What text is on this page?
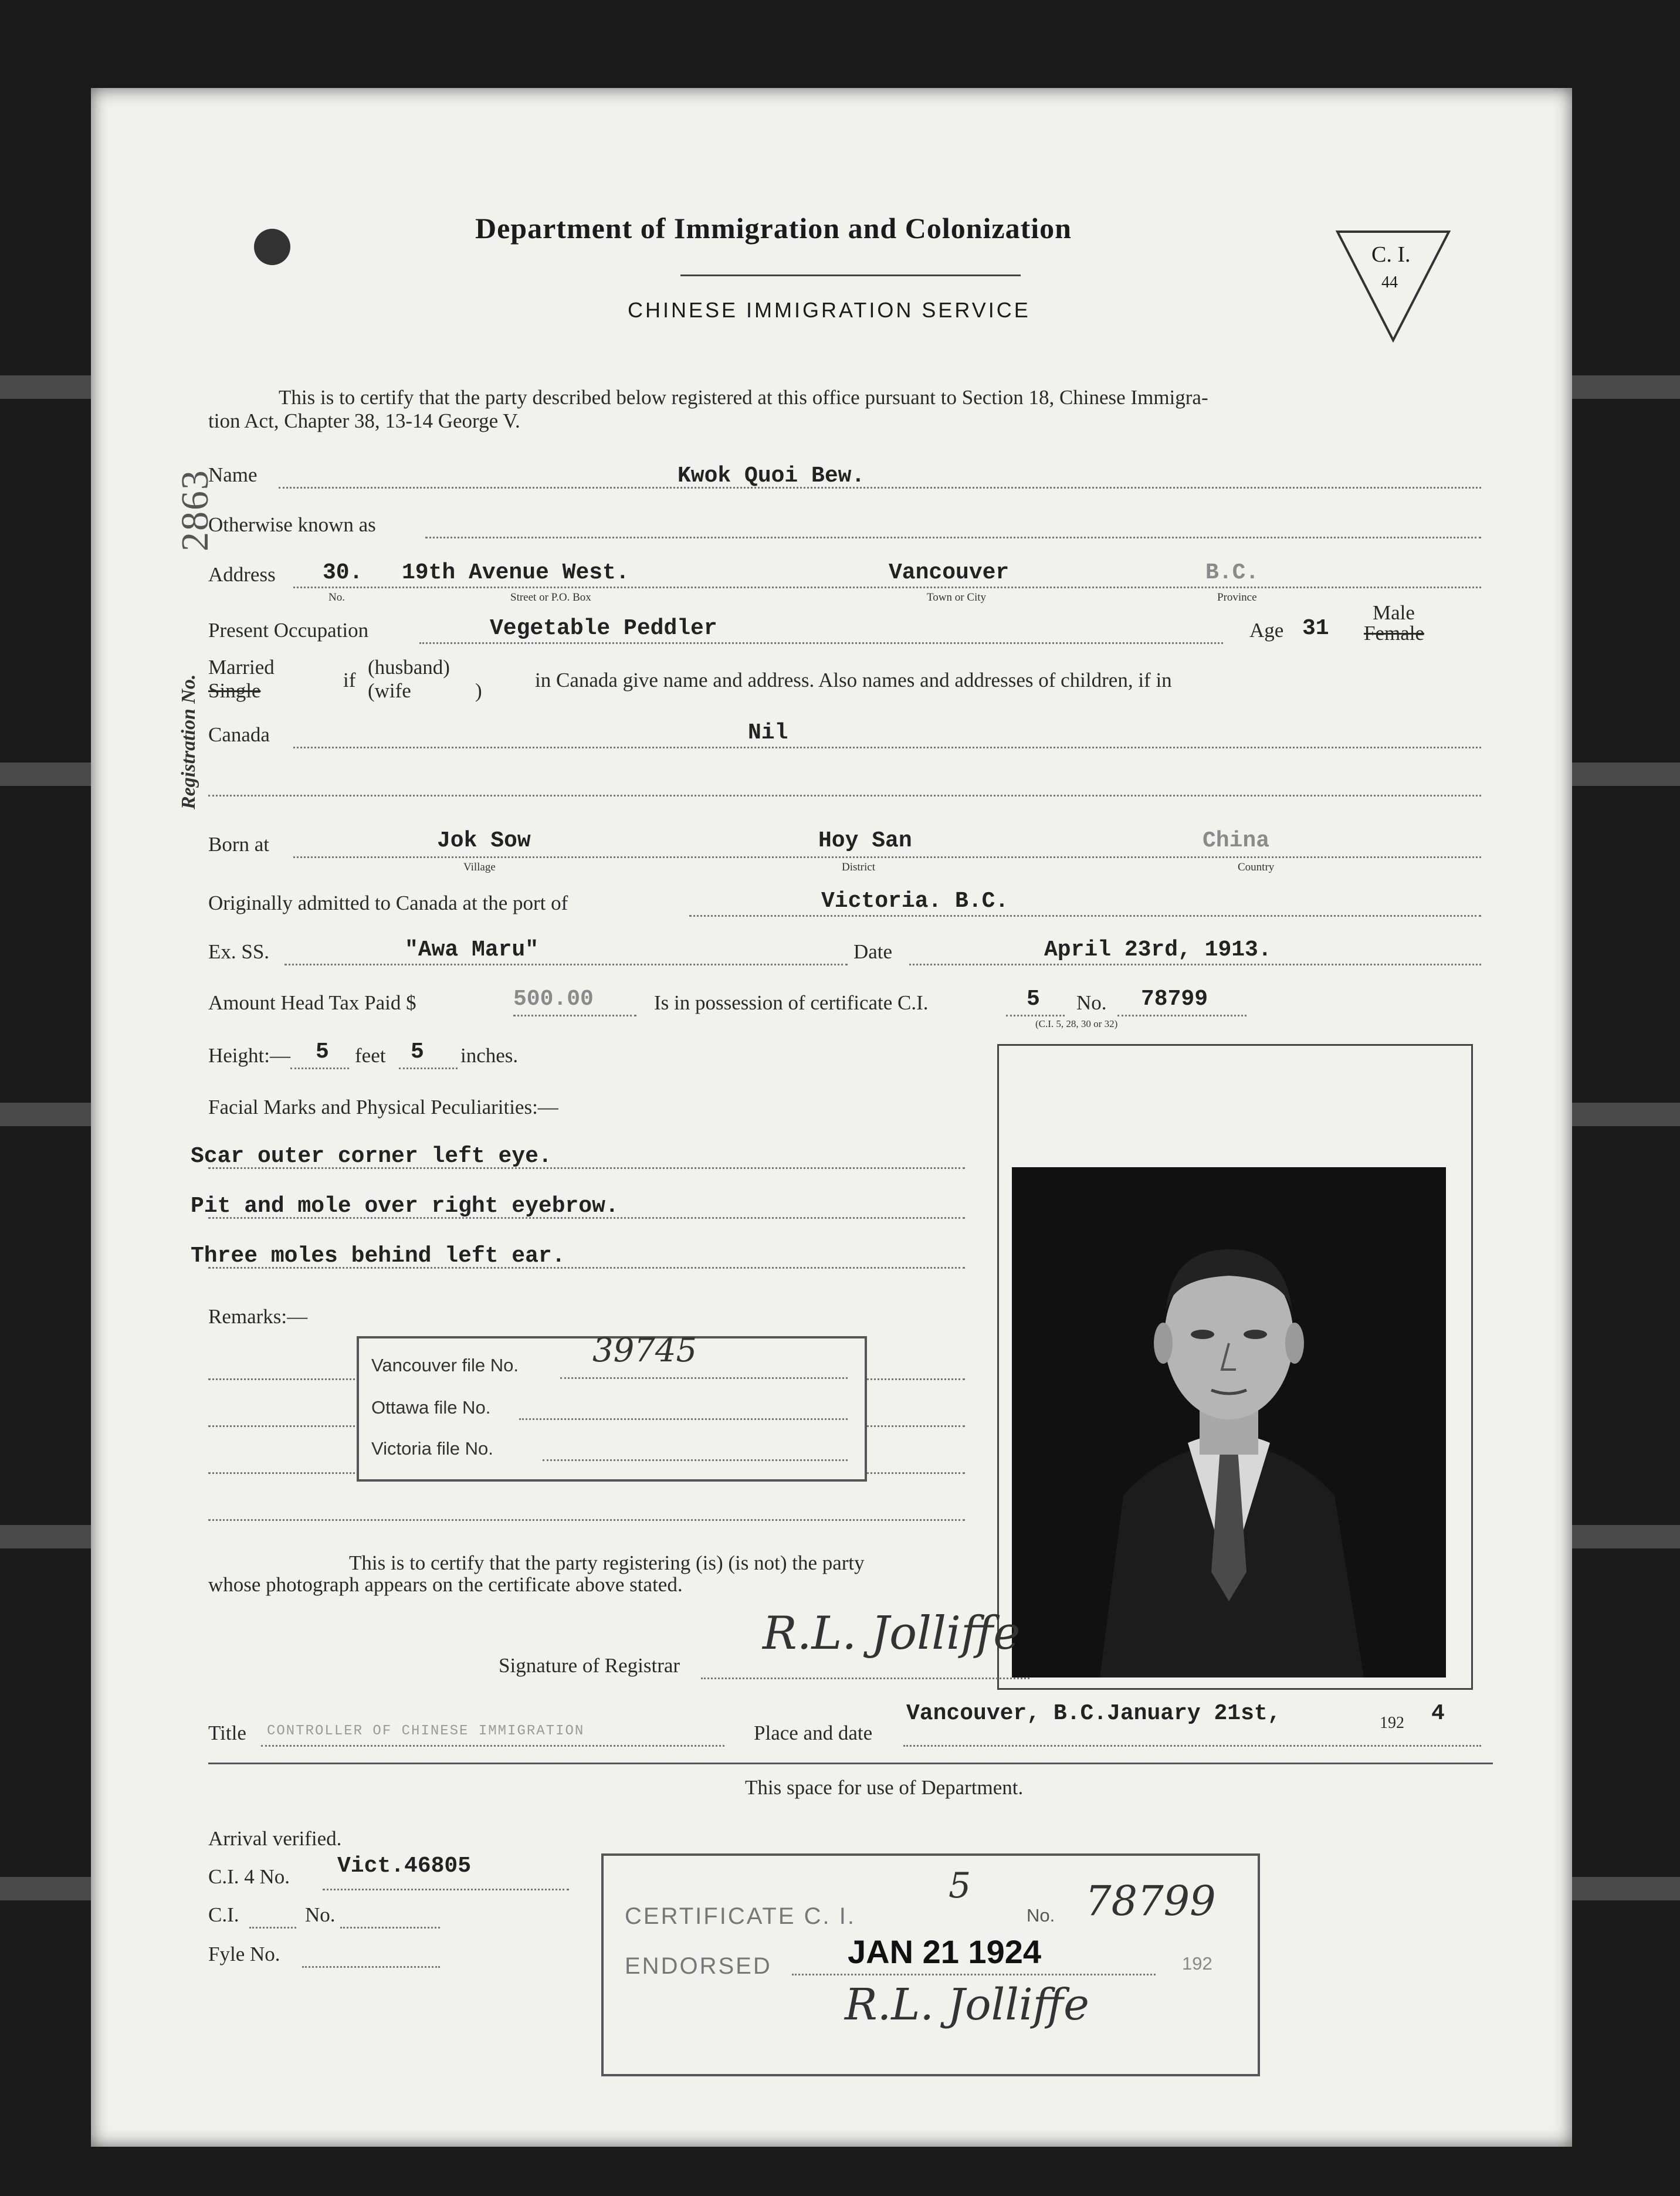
Department of Immigration and Colonization
CHINESE IMMIGRATION SERVICE
C. I.
44
Registration No.
2863
This is to certify that the party described below registered at this office pursuant to Section 18, Chinese Immigra-
tion Act, Chapter 38, 13-14 George V.
Name	Kwok Quoi Bew.
Otherwise known as
Address 30. 19th Avenue West.	Vancouver	B.C.
No.	Street or P.O. Box	Town or City	Province
Present Occupation	Vegetable Peddler	Age 31
Male
Female
Married
Single	if
(husband)
(wife	)	in Canada give name and address. Also names and addresses of children, if in
Canada	Nil
Born at	Jok Sow	Hoy San	China
Village	District	Country
Originally admitted to Canada at the port of	Victoria. B.C.
Ex. SS.	"Awa Maru"	Date	April 23rd, 1913.
Amount Head Tax Paid $	500.00	Is in possession of certificate C.I.	5 No. 78799
(C.I. 5, 28, 30 or 32)
Height:— 5 feet 5 inches.
Facial Marks and Physical Peculiarities:—
Scar outer corner left eye.
Pit and mole over right eyebrow.
Three moles behind left ear.
Remarks:—
Vancouver file No. 39745
Ottawa file No.
Victoria file No.
This is to certify that the party registering (is) (is not) the party
whose photograph appears on the certificate above stated.
Signature of Registrar
R.L. Jolliffe
Title CONTROLLER OF CHINESE IMMIGRATION	Place and date
Vancouver, B.C.January 21st,	192 4
This space for use of Department.
Arrival verified.
C.I. 4 No. Vict.46805
C.I.	No.
Fyle No.
CERTIFICATE C. I.
5
No. 78799
ENDORSED JAN 21 1924	192
R.L. Jolliffe
